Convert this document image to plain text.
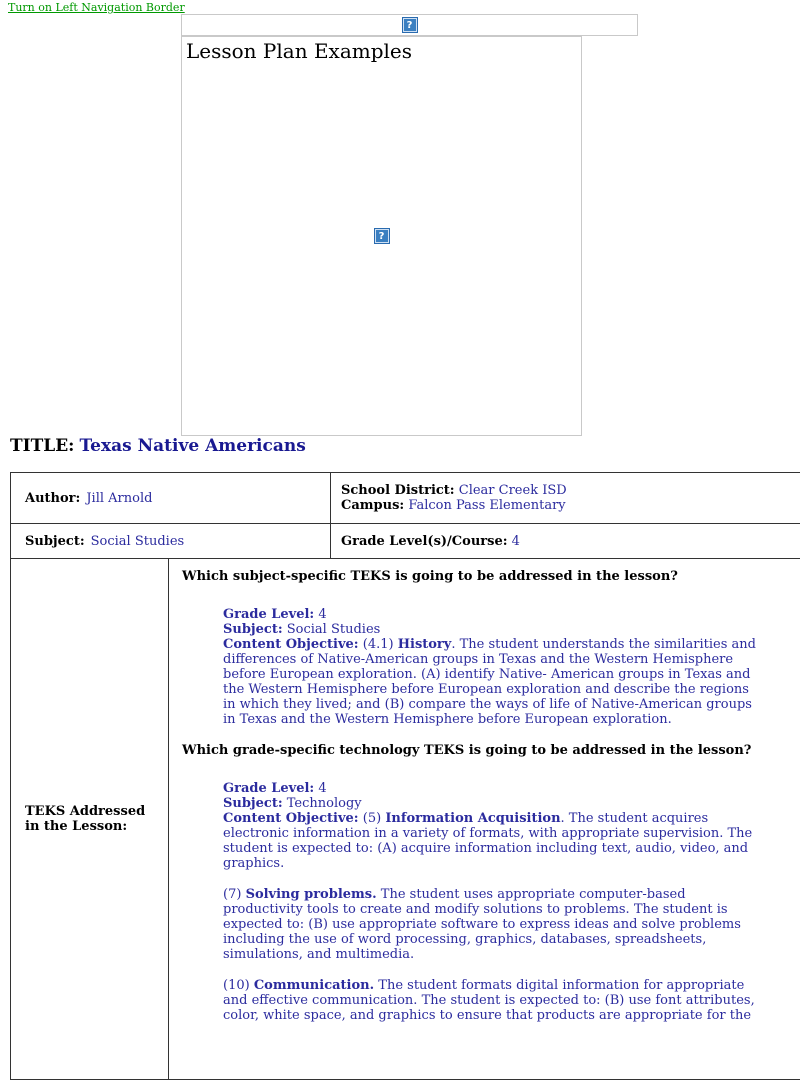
Turn on Left Navigation Border
?
Lesson Plan Examples
?
TITLE: Texas Native Americans
Author: Jill Arnold	School District: Clear Creek ISD
Campus: Falcon Pass Elementary
Subject: Social Studies	Grade Level(s)/Course: 4
TEKS Addressed
in the Lesson:

Which subject-specific TEKS is going to be addressed in the lesson?

Grade Level: 4
Subject: Social Studies

Content Objective: (4.1) History. The student understands the similarities and differences of Native-American groups in Texas and the Western Hemisphere before European exploration. (A) identify Native- American groups in Texas and the Western Hemisphere before European exploration and describe the regions in which they lived; and (B) compare the ways of life of Native-American groups in Texas and the Western Hemisphere before European exploration.

Which grade-specific technology TEKS is going to be addressed in the lesson?

Grade Level: 4
Subject: Technology

Content Objective: (5) Information Acquisition. The student acquires electronic information in a variety of formats, with appropriate supervision. The student is expected to: (A) acquire information including text, audio, video, and graphics.

(7) Solving problems. The student uses appropriate computer-based productivity tools to create and modify solutions to problems. The student is expected to: (B) use appropriate software to express ideas and solve problems including the use of word processing, graphics, databases, spreadsheets, simulations, and multimedia.

(10) Communication. The student formats digital information for appropriate and effective communication. The student is expected to: (B) use font attributes, color, white space, and graphics to ensure that products are appropriate for the
